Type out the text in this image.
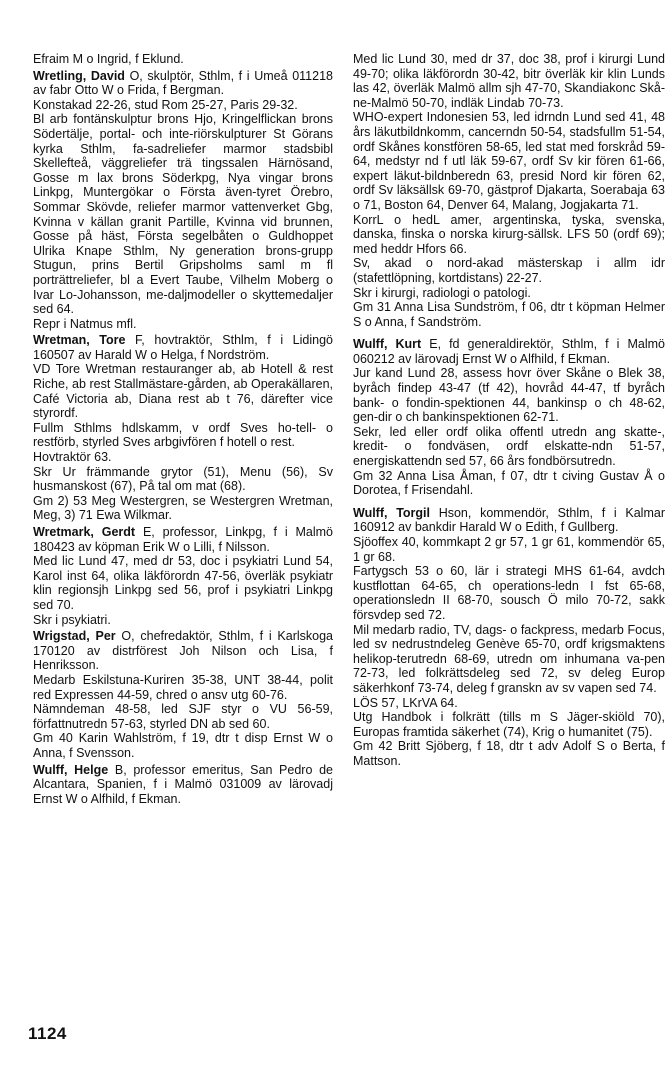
Efraim M o Ingrid, f Eklund.

Wretling, David O, skulptör, Sthlm, f i Umeå 011218 av fabr Otto W o Frida, f Bergman.

Konstakad 22-26, stud Rom 25-27, Paris 29-32.

Bl arb fontänskulptur brons Hjo, Kringelflickan brons Södertälje, portal- och inte-riörskulpturer St Görans kyrka Sthlm, fa-sadreliefer marmor stadsbibl Skellefteå, väggreliefer trä tingssalen Härnösand, Gosse m lax brons Söderkpg, Nya vingar brons Linkpg, Muntergökar o Första även-tyret Örebro, Sommar Skövde, reliefer marmor vattenverket Gbg, Kvinna v källan granit Partille, Kvinna vid brunnen, Gosse på häst, Första segelbåten o Guldhoppet Ulrika Knape Sthlm, Ny generation brons-grupp Stugun, prins Bertil Gripsholms saml m fl porträttreliefer, bl a Evert Taube, Vilhelm Moberg o Ivar Lo-Johansson, me-daljmodeller o skyttemedaljer sed 64.

Repr i Natmus mfl.

Wretman, Tore F, hovtraktör, Sthlm, f i Lidingö 160507 av Harald W o Helga, f Nordström.

VD Tore Wretman restauranger ab, ab Hotell & rest Riche, ab rest Stallmästare-gården, ab Operakällaren, Café Victoria ab, Diana rest ab t 76, därefter vice styrordf.

Fullm Sthlms hdlskamm, v ordf Sves ho-tell- o restförb, styrled Sves arbgivfören f hotell o rest.

Hovtraktör 63.

Skr Ur främmande grytor (51), Menu (56), Sv husmanskost (67), På tal om mat (68).

Gm 2) 53 Meg Westergren, se Westergren Wretman, Meg, 3) 71 Ewa Wilkmar.

Wretmark, Gerdt E, professor, Linkpg, f i Malmö 180423 av köpman Erik W o Lilli, f Nilsson.

Med lic Lund 47, med dr 53, doc i psykiatri Lund 54, Karol inst 64, olika läkförordn 47-56, överläk psykiatr klin regionsjh Linkpg sed 56, prof i psykiatri Linkpg sed 70.

Skr i psykiatri.

Wrigstad, Per O, chefredaktör, Sthlm, f i Karlskoga 170120 av distrförest Joh Nilson och Lisa, f Henriksson.

Medarb Eskilstuna-Kuriren 35-38, UNT 38-44, polit red Expressen 44-59, chred o ansv utg 60-76.

Nämndeman 48-58, led SJF styr o VU 56-59, författnutredn 57-63, styrled DN ab sed 60.

Gm 40 Karin Wahlström, f 19, dtr t disp Ernst W o Anna, f Svensson.

Wulff, Helge B, professor emeritus, San Pedro de Alcantara, Spanien, f i Malmö 031009 av lärovadj Ernst W o Alfhild, f Ekman.

Med lic Lund 30, med dr 37, doc 38, prof i kirurgi Lund 49-70; olika läkförordn 30-42, bitr överläk kir klin Lunds las 42, överläk Malmö allm sjh 47-70, Skandiakonc Skå-ne-Malmö 50-70, indläk Lindab 70-73.

WHO-expert Indonesien 53, led idrndn Lund sed 41, 48 års läkutbildnkomm, cancerndn 50-54, stadsfullm 51-54, ordf Skånes konstfören 58-65, led stat med forskråd 59-64, medstyr nd f utl läk 59-67, ordf Sv kir fören 61-66, expert läkut-bildnberedn 63, presid Nord kir fören 62, ordf Sv läksällsk 69-70, gästprof Djakarta, Soerabaja 63 o 71, Boston 64, Denver 64, Malang, Jogjakarta 71.

KorrL o hedL amer, argentinska, tyska, svenska, danska, finska o norska kirurg-sällsk. LFS 50 (ordf 69); med heddr Hfors 66.

Sv, akad o nord-akad mästerskap i allm idr (stafettlöpning, kortdistans) 22-27.

Skr i kirurgi, radiologi o patologi.

Gm 31 Anna Lisa Sundström, f 06, dtr t köpman Helmer S o Anna, f Sandström.

Wulff, Kurt E, fd generaldirektör, Sthlm, f i Malmö 060212 av lärovadj Ernst W o Alfhild, f Ekman.

Jur kand Lund 28, assess hovr över Skåne o Blek 38, byråch findep 43-47 (tf 42), hovråd 44-47, tf byråch bank- o fondin-spektionen 44, bankinsp o ch 48-62, gen-dir o ch bankinspektionen 62-71.

Sekr, led eller ordf olika offentl utredn ang skatte-, kredit- o fondväsen, ordf elskatte-ndn 51-57, energiskattendn sed 57, 66 års fondbörsutredn.

Gm 32 Anna Lisa Åman, f 07, dtr t civing Gustav Å o Dorotea, f Frisendahl.

Wulff, Torgil Hson, kommendör, Sthlm, f i Kalmar 160912 av bankdir Harald W o Edith, f Gullberg.

Sjöoffex 40, kommkapt 2 gr 57, 1 gr 61, kommendör 65, 1 gr 68.

Fartygsch 53 o 60, lär i strategi MHS 61-64, avdch kustflottan 64-65, ch operations-ledn I fst 65-68, operationsledn II 68-70, sousch Ö milo 70-72, sakk försvdep sed 72.

Mil medarb radio, TV, dags- o fackpress, medarb Focus, led sv nedrustndeleg Genève 65-70, ordf krigsmaktens helikop-terutredn 68-69, utredn om inhumana va-pen 72-73, led folkrättsdeleg sed 72, sv deleg Europ säkerhkonf 73-74, deleg f granskn av sv vapen sed 74.

LÖS 57, LKrVA 64.

Utg Handbok i folkrätt (tills m S Jäger-skiöld 70), Europas framtida säkerhet (74), Krig o humanitet (75).

Gm 42 Britt Sjöberg, f 18, dtr t adv Adolf S o Berta, f Mattson.

1124
